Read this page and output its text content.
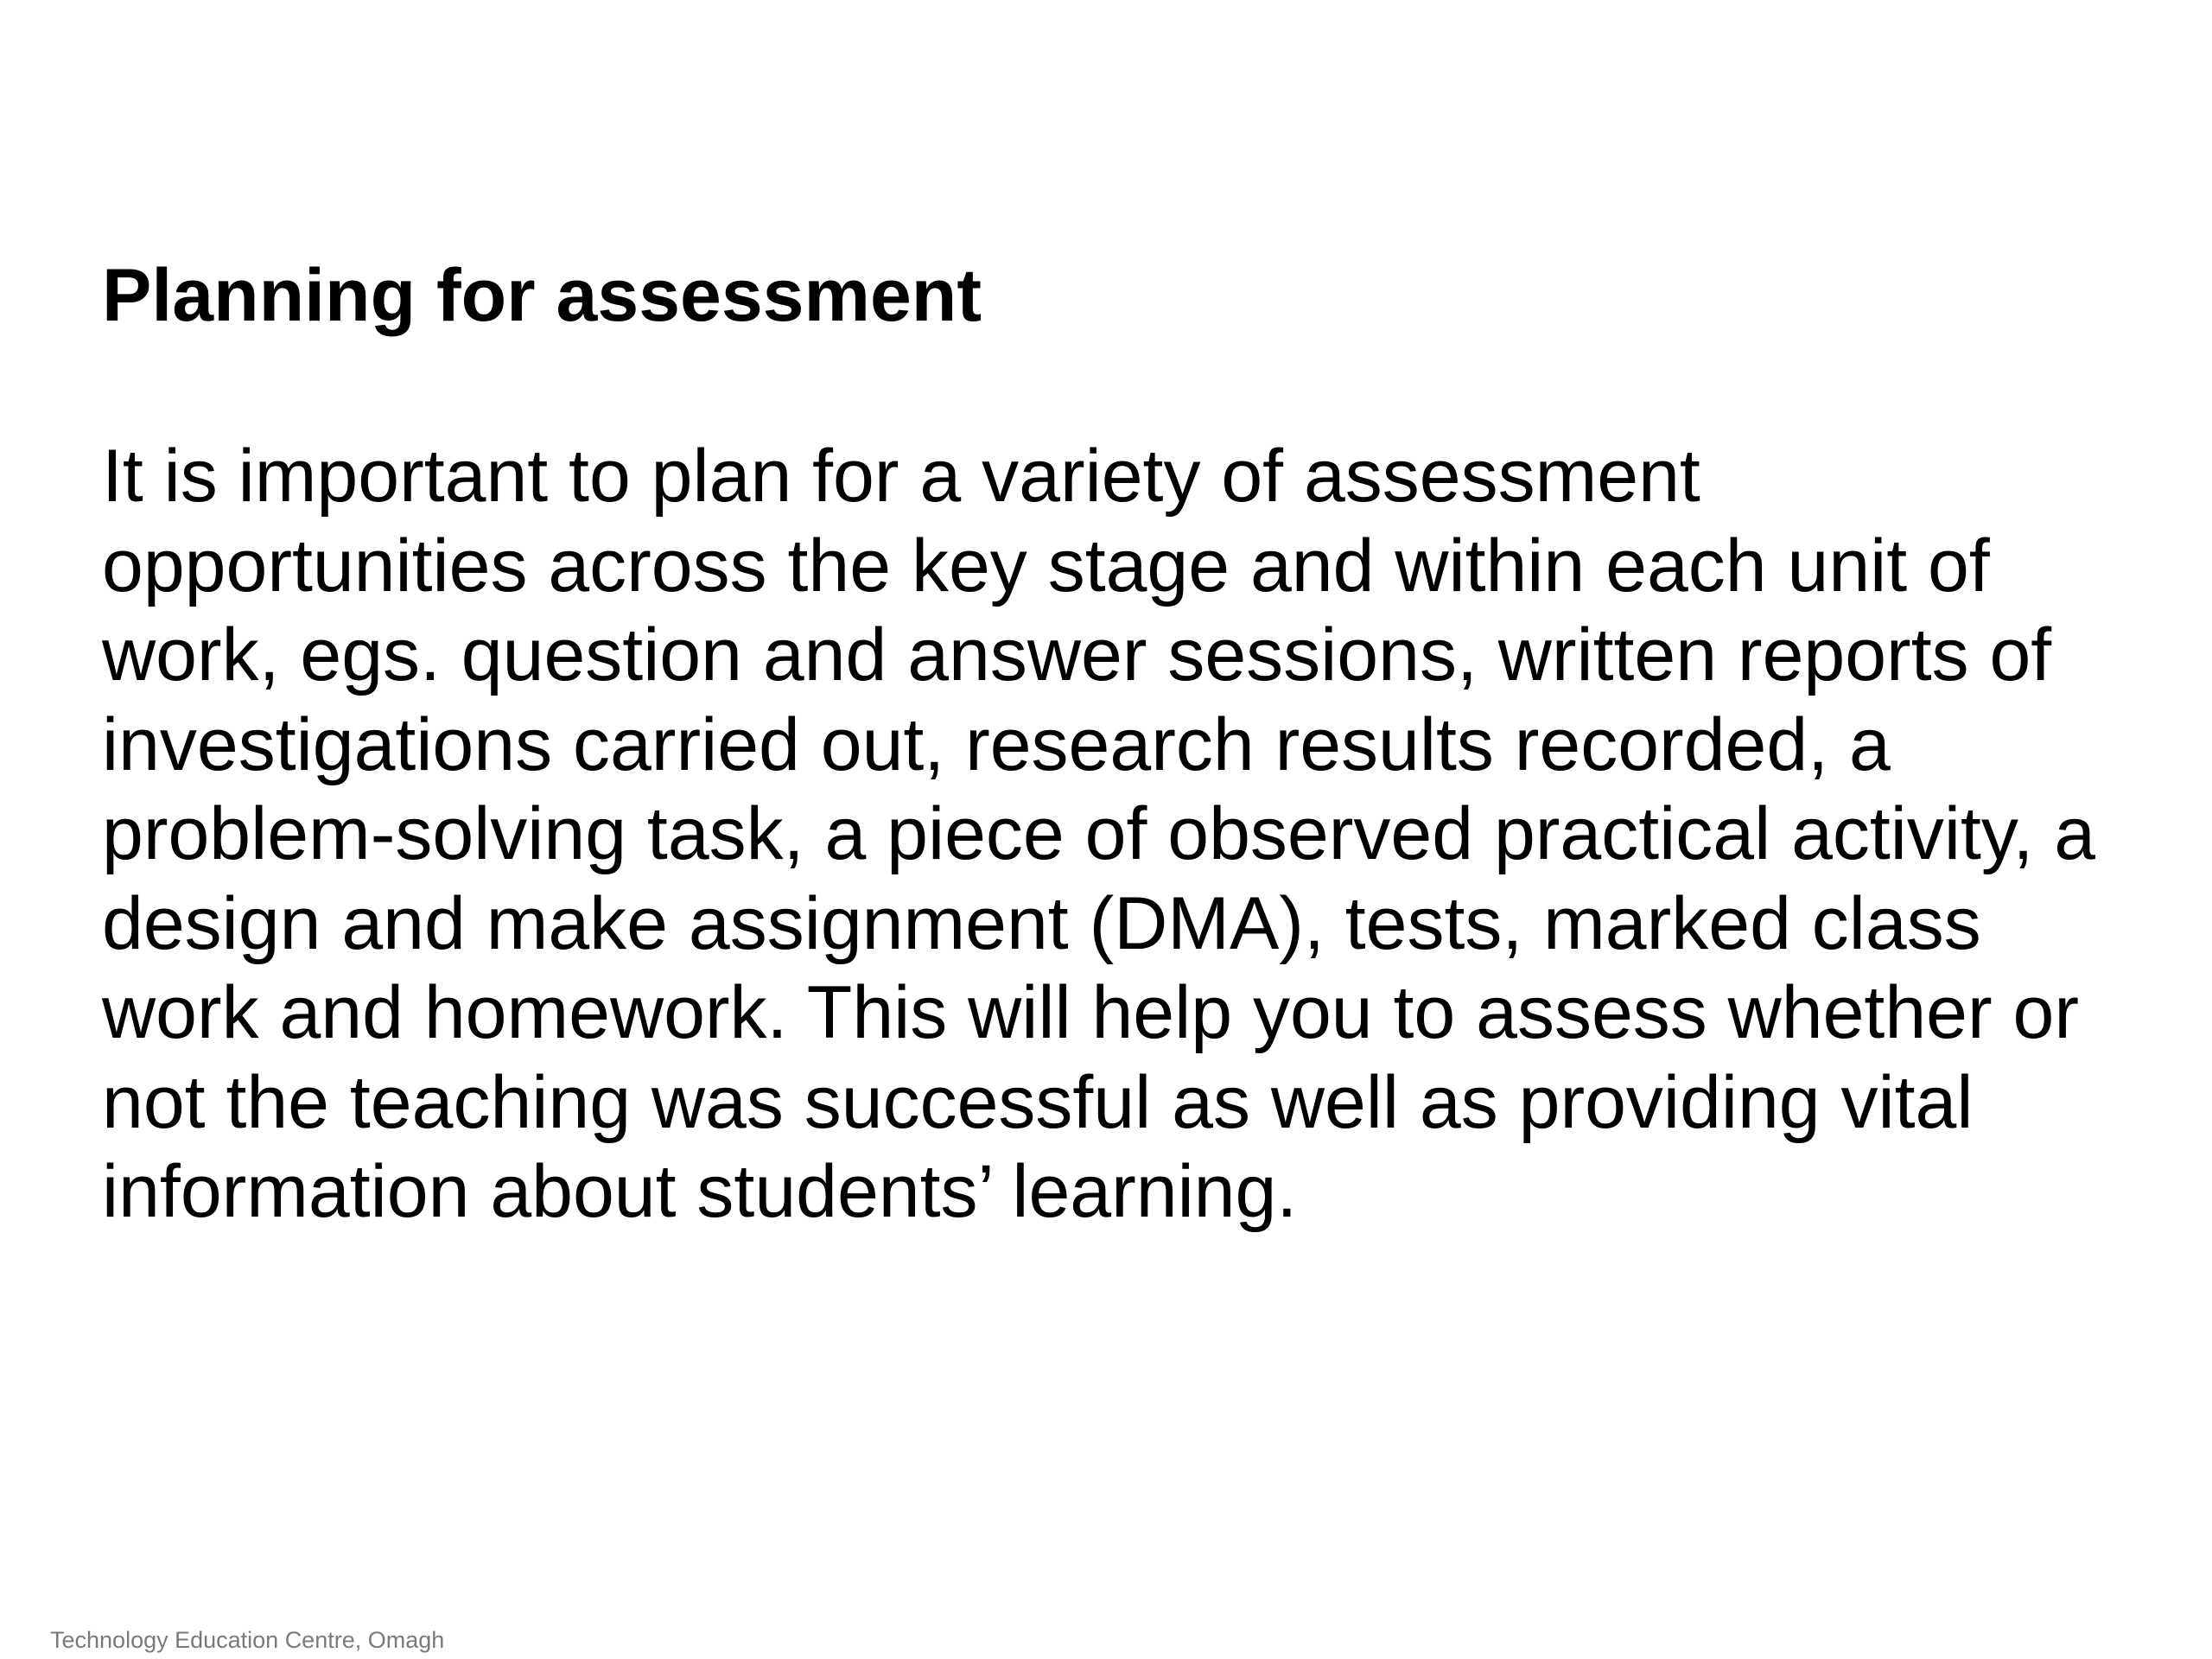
Planning for assessment

It is important to plan for a variety of assessment
opportunities across the key stage and within each unit of
work, egs. question and answer sessions, written reports of
investigations carried out, research results recorded, a
problem-solving task, a piece of observed practical activity, a
design and make assignment (DMA), tests, marked class
work and homework. This will help you to assess whether or
not the teaching was successful as well as providing vital
information about students’ learning.

Technology Education Centre, Omagh
